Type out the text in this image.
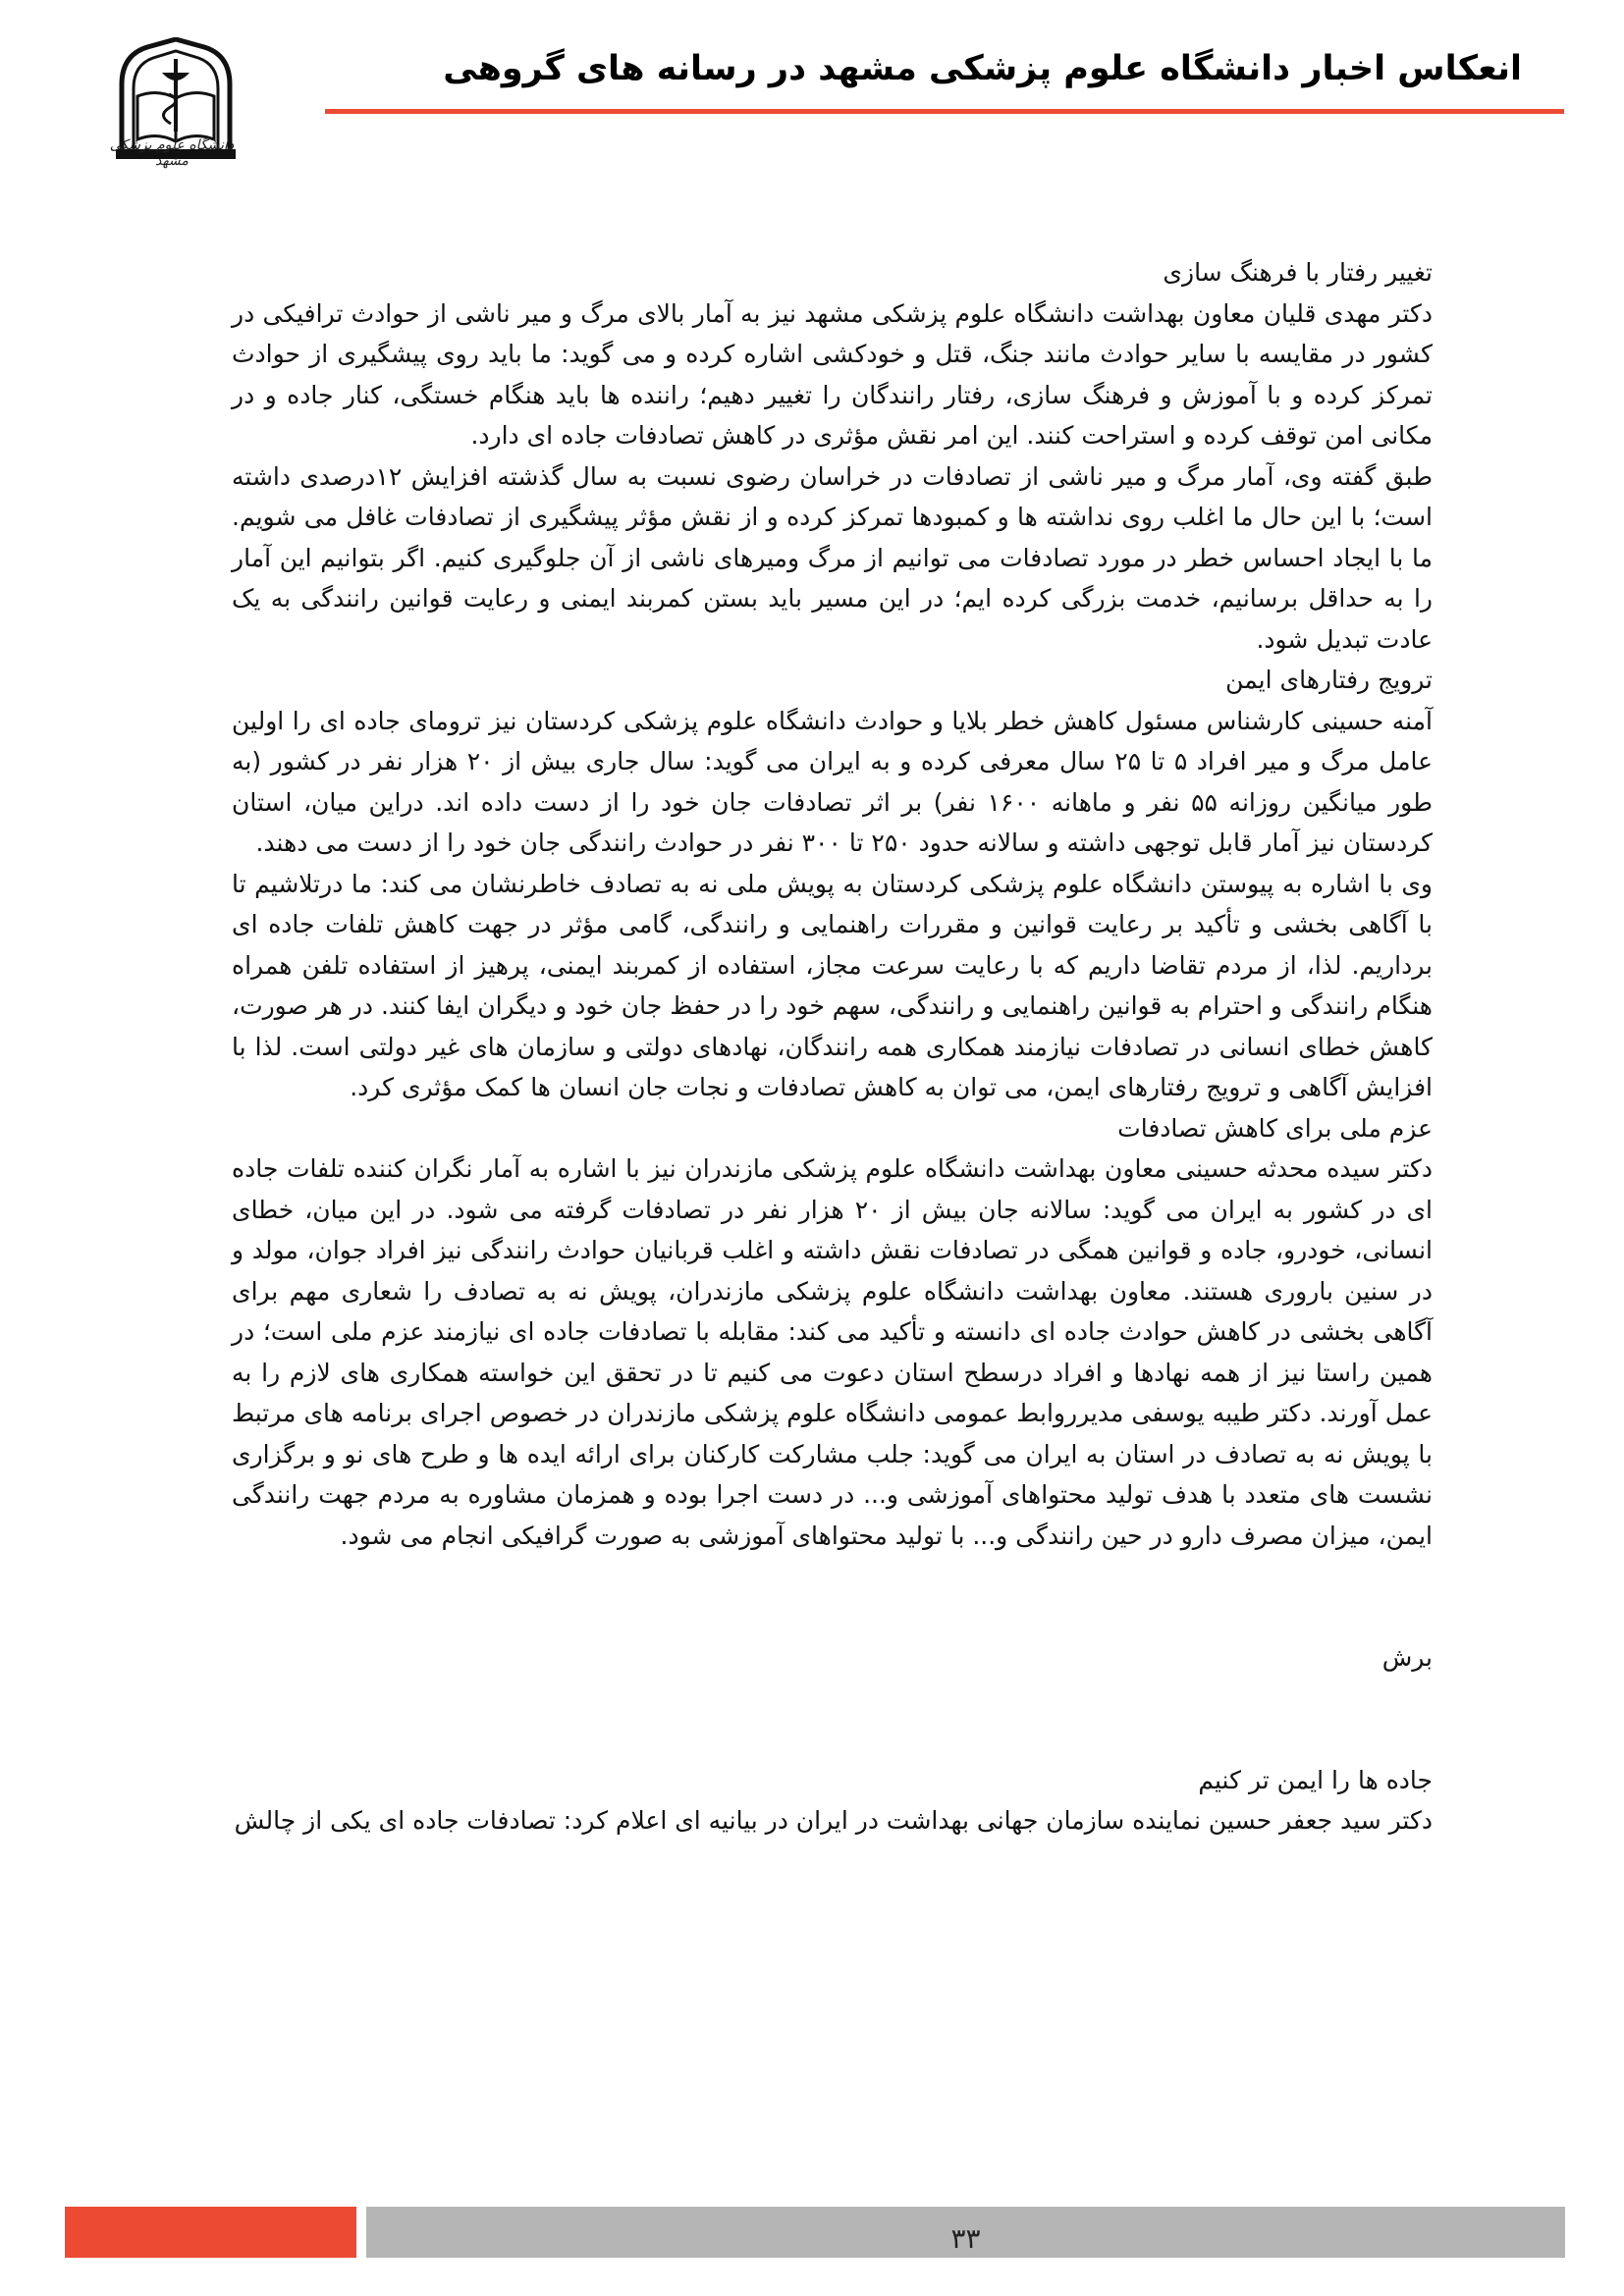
انعکاس اخبار دانشگاه علوم پزشکی مشهد در رسانه های گروهی
دانشگاه علوم پزشکی مشهد

تغییر رفتار با فرهنگ سازی

دکتر مهدی قلیان معاون بهداشت دانشگاه علوم پزشکی مشهد نیز به آمار بالای مرگ و میر ناشی از حوادث ترافیکی در کشور در مقایسه با سایر حوادث مانند جنگ، قتل و خودکشی اشاره کرده و می گوید: ما باید روی پیشگیری از حوادث تمرکز کرده و با آموزش و فرهنگ سازی، رفتار رانندگان را تغییر دهیم؛ راننده ها باید هنگام خستگی، کنار جاده و در مکانی امن توقف کرده و استراحت کنند. این امر نقش مؤثری در کاهش تصادفات جاده ای دارد.

طبق گفته وی، آمار مرگ و میر ناشی از تصادفات در خراسان رضوی نسبت به سال گذشته افزایش ۱۲درصدی داشته است؛ با این حال ما اغلب روی نداشته ها و کمبودها تمرکز کرده و از نقش مؤثر پیشگیری از تصادفات غافل می شویم. ما با ایجاد احساس خطر در مورد تصادفات می توانیم از مرگ ومیرهای ناشی از آن جلوگیری کنیم. اگر بتوانیم این آمار را به حداقل برسانیم، خدمت بزرگی کرده ایم؛ در این مسیر باید بستن کمربند ایمنی و رعایت قوانین رانندگی به یک عادت تبدیل شود.

ترویج رفتارهای ایمن

آمنه حسینی کارشناس مسئول کاهش خطر بلایا و حوادث دانشگاه علوم پزشکی کردستان نیز ترومای جاده ای را اولین عامل مرگ و میر افراد ۵ تا ۲۵ سال معرفی کرده و به ایران می گوید: سال جاری بیش از ۲۰ هزار نفر در کشور (به طور میانگین روزانه ۵۵ نفر و ماهانه ۱۶۰۰ نفر) بر اثر تصادفات جان خود را از دست داده اند. دراین میان، استان کردستان نیز آمار قابل توجهی داشته و سالانه حدود ۲۵۰ تا ۳۰۰ نفر در حوادث رانندگی جان خود را از دست می دهند.

وی با اشاره به پیوستن دانشگاه علوم پزشکی کردستان به پویش ملی نه به تصادف خاطرنشان می کند: ما درتلاشیم تا با آگاهی بخشی و تأکید بر رعایت قوانین و مقررات راهنمایی و رانندگی، گامی مؤثر در جهت کاهش تلفات جاده ای برداریم. لذا، از مردم تقاضا داریم که با رعایت سرعت مجاز، استفاده از کمربند ایمنی، پرهیز از استفاده تلفن همراه هنگام رانندگی و احترام به قوانین راهنمایی و رانندگی، سهم خود را در حفظ جان خود و دیگران ایفا کنند. در هر صورت، کاهش خطای انسانی در تصادفات نیازمند همکاری همه رانندگان، نهادهای دولتی و سازمان های غیر دولتی است. لذا با افزایش آگاهی و ترویج رفتارهای ایمن، می توان به کاهش تصادفات و نجات جان انسان ها کمک مؤثری کرد.

عزم ملی برای کاهش تصادفات

دکتر سیده محدثه حسینی معاون بهداشت دانشگاه علوم پزشکی مازندران نیز با اشاره به آمار نگران کننده تلفات جاده ای در کشور به ایران می گوید: سالانه جان بیش از ۲۰ هزار نفر در تصادفات گرفته می شود. در این میان، خطای انسانی، خودرو، جاده و قوانین همگی در تصادفات نقش داشته و اغلب قربانیان حوادث رانندگی نیز افراد جوان، مولد و در سنین باروری هستند. معاون بهداشت دانشگاه علوم پزشکی مازندران، پویش نه به تصادف را شعاری مهم برای آگاهی بخشی در کاهش حوادث جاده ای دانسته و تأکید می کند: مقابله با تصادفات جاده ای نیازمند عزم ملی است؛ در همین راستا نیز از همه نهادها و افراد درسطح استان دعوت می کنیم تا در تحقق این خواسته همکاری های لازم را به عمل آورند. دکتر طیبه یوسفی مدیرروابط عمومی دانشگاه علوم پزشکی مازندران در خصوص اجرای برنامه های مرتبط با پویش نه به تصادف در استان به ایران می گوید: جلب مشارکت کارکنان برای ارائه ایده ها و طرح های نو و برگزاری نشست های متعدد با هدف تولید محتواهای آموزشی و... در دست اجرا بوده و همزمان مشاوره به مردم جهت رانندگی ایمن، میزان مصرف دارو در حین رانندگی و... با تولید محتواهای آموزشی به صورت گرافیکی انجام می شود.

برش

جاده ها را ایمن تر کنیم

دکتر سید جعفر حسین نماینده سازمان جهانی بهداشت در ایران در بیانیه ای اعلام کرد: تصادفات جاده ای یکی از چالش

۳۳
